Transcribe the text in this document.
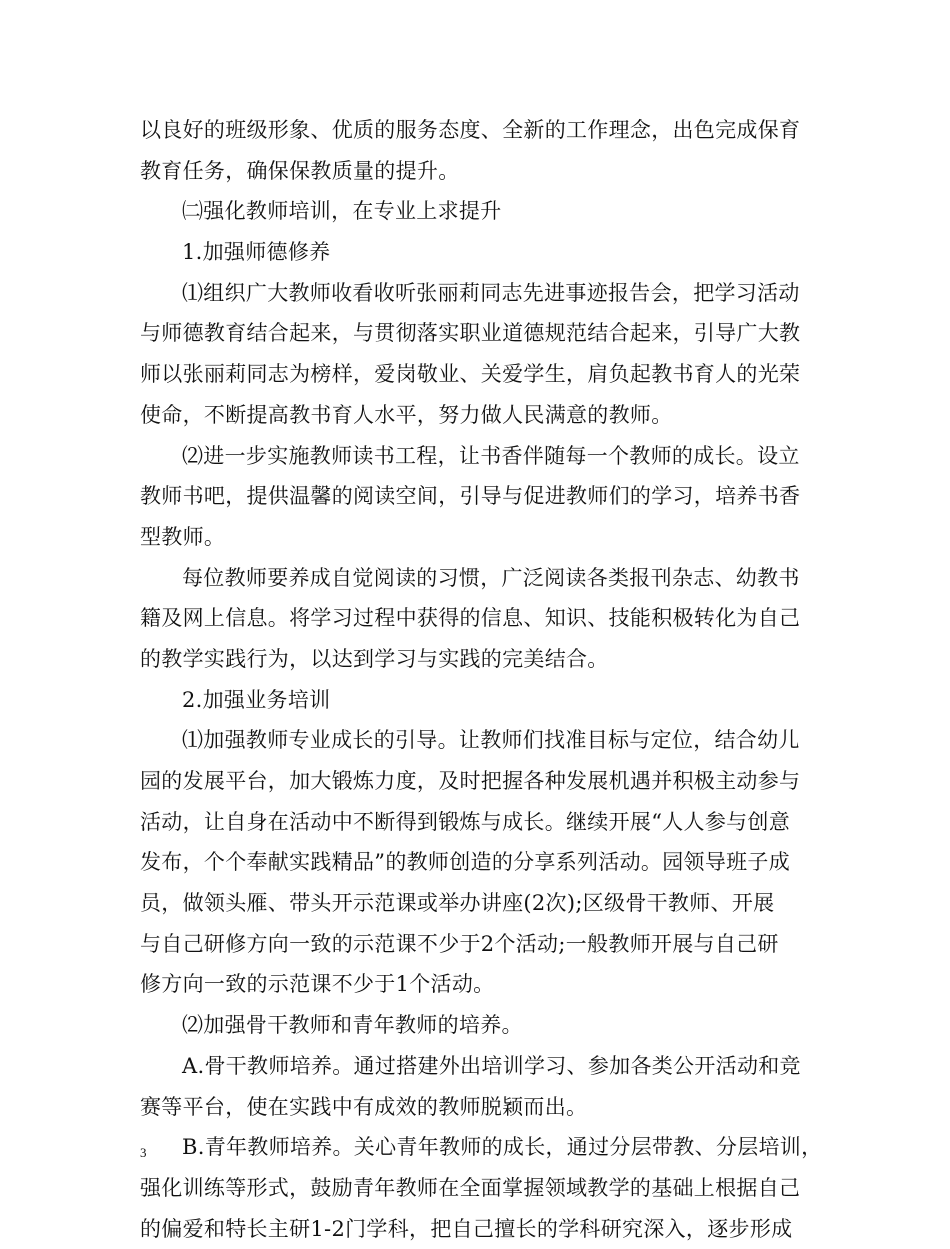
以良好的班级形象、优质的服务态度、全新的工作理念，出色完成保育
教育任务，确保保教质量的提升。
㈡强化教师培训，在专业上求提升
1.加强师德修养
⑴组织广大教师收看收听张丽莉同志先进事迹报告会，把学习活动
与师德教育结合起来，与贯彻落实职业道德规范结合起来，引导广大教
师以张丽莉同志为榜样，爱岗敬业、关爱学生，肩负起教书育人的光荣
使命，不断提高教书育人水平，努力做人民满意的教师。
⑵进一步实施教师读书工程，让书香伴随每一个教师的成长。设立
教师书吧，提供温馨的阅读空间，引导与促进教师们的学习，培养书香
型教师。
每位教师要养成自觉阅读的习惯，广泛阅读各类报刊杂志、幼教书
籍及网上信息。将学习过程中获得的信息、知识、技能积极转化为自己
的教学实践行为，以达到学习与实践的完美结合。
2.加强业务培训
⑴加强教师专业成长的引导。让教师们找准目标与定位，结合幼儿
园的发展平台，加大锻炼力度，及时把握各种发展机遇并积极主动参与
活动，让自身在活动中不断得到锻炼与成长。继续开展“人人参与创意
发布，个个奉献实践精品”的教师创造的分享系列活动。园领导班子成
员，做领头雁、带头开示范课或举办讲座(2次);区级骨干教师、开展
与自己研修方向一致的示范课不少于2个活动;一般教师开展与自己研
修方向一致的示范课不少于1个活动。
⑵加强骨干教师和青年教师的培养。
A.骨干教师培养。通过搭建外出培训学习、参加各类公开活动和竞
赛等平台，使在实践中有成效的教师脱颖而出。
B.青年教师培养。关心青年教师的成长，通过分层带教、分层培训，
强化训练等形式，鼓励青年教师在全面掌握领域教学的基础上根据自己
的偏爱和特长主研1-2门学科，把自己擅长的学科研究深入，逐步形成
3
